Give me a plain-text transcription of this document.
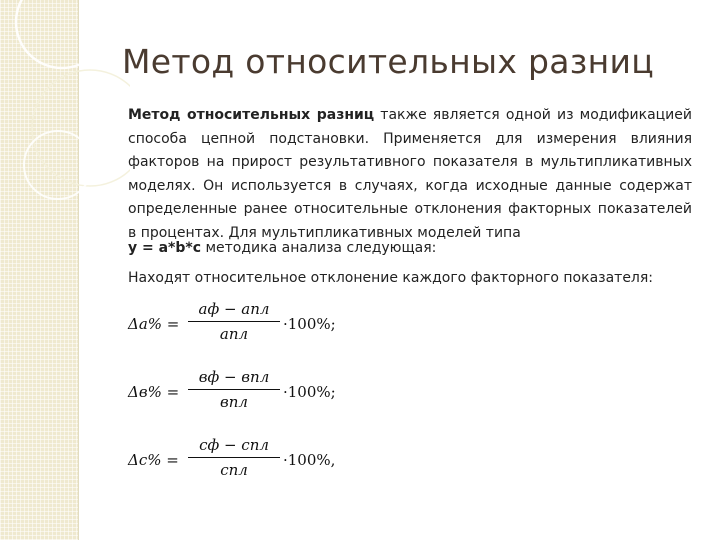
Метод относительных разниц
Метод относительных разниц также является одной из модификацией способа цепной подстановки. Применяется для измерения влияния факторов на прирост результативного показателя в мультипликативных моделях. Он используется в случаях, когда исходные данные содержат определенные ранее относительные отклонения факторных показателей в процентах. Для мультипликативных моделей типа
у = а*b*c методика анализа следующая:
Находят относительное отклонение каждого факторного показателя:
Δa% =
aф − aпл
aпл
·100%;
Δв% =
вф − впл
впл
·100%;
Δc% =
cф − cпл
cпл
·100%,
